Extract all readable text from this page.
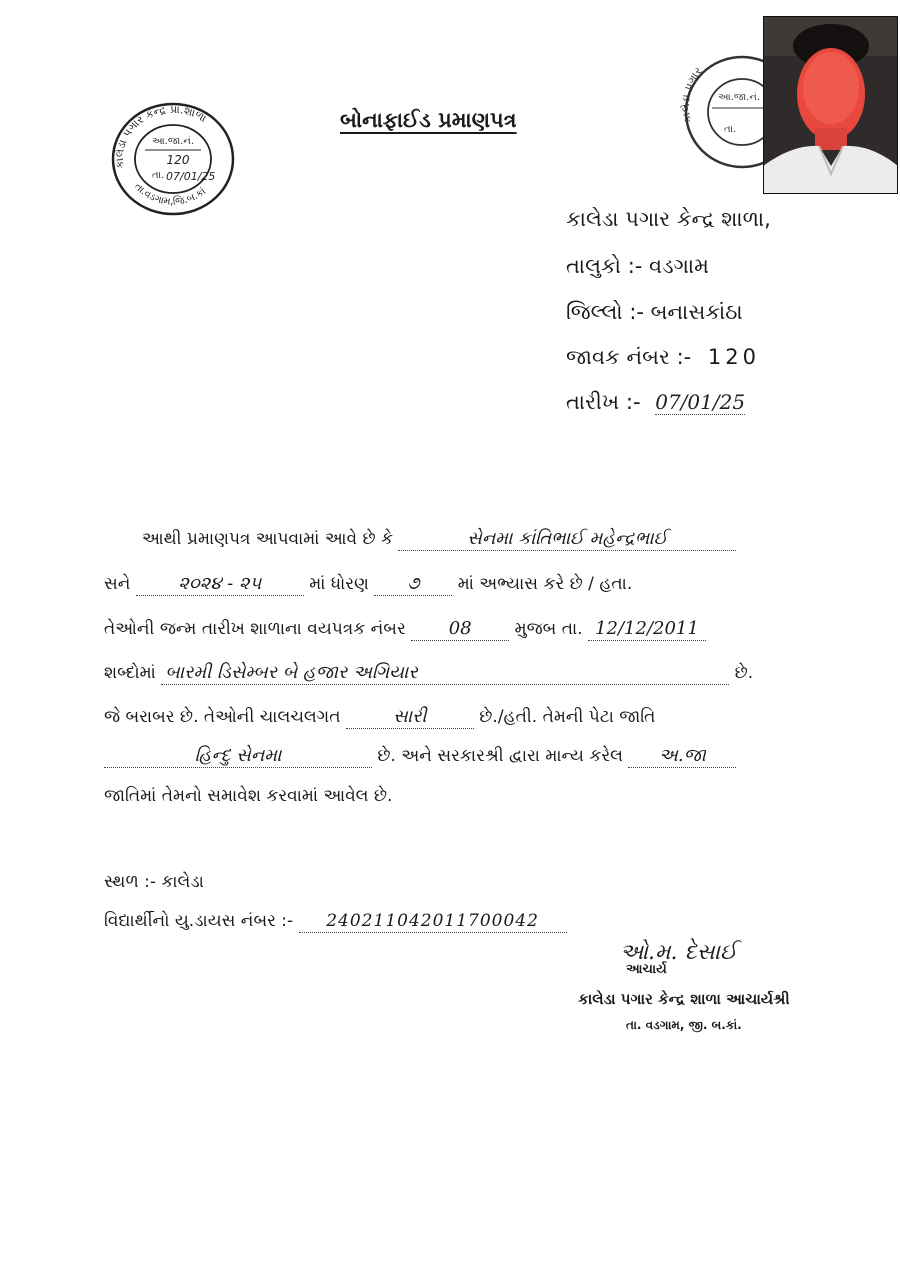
કાલેડા પગાર કેન્દ્ર પ્રા.શાળા
તા.વડગામ,જિ.બ.કાં
આ.જા.નં.
120
તા. 07/01/25
કાલેડા પગાર
આ.જા.નં.
તા.
બોનાફાઈડ પ્રમાણપત્ર
કાલેડા પગાર કેન્દ્ર શાળા,
તાલુકો :- વડગામ
જિલ્લો :- બનાસકાંઠા
જાવક નંબર :- 120
તારીખ :- 07/01/25
આથી પ્રમાણપત્ર આપવામાં આવે છે કે	સેનમા કાંતિભાઈ મહેન્દ્રભાઈ
સને	૨૦૨૪ - ૨૫	માં ધોરણ ૭ માં અભ્યાસ કરે છે / હતા.
તેઓની જન્મ તારીખ શાળાના વયપત્રક નંબર 08	મુજબ તા. 12/12/2011
શબ્દોમાં બારમી ડિસેમ્બર બે હજાર અગિયાર	છે.
જે બરાબર છે. તેઓની ચાલચલગત	સારી	છે./હતી. તેમની પેટા જાતિ
હિન્દુ સેનમા	છે. અને સરકારશ્રી દ્વારા માન્ય કરેલ અ.જા
જાતિમાં તેમનો સમાવેશ કરવામાં આવેલ છે.
સ્થળ :- કાલેડા
વિદ્યાર્થીનો યુ.ડાયસ નંબર :- 240211042011700042
ઓ.મ. દેસાઈ
આચાર્ય
કાલેડા પગાર કેન્દ્ર શાળા આચાર્યશ્રી
તા. વડગામ, જી. બ.કાં.
